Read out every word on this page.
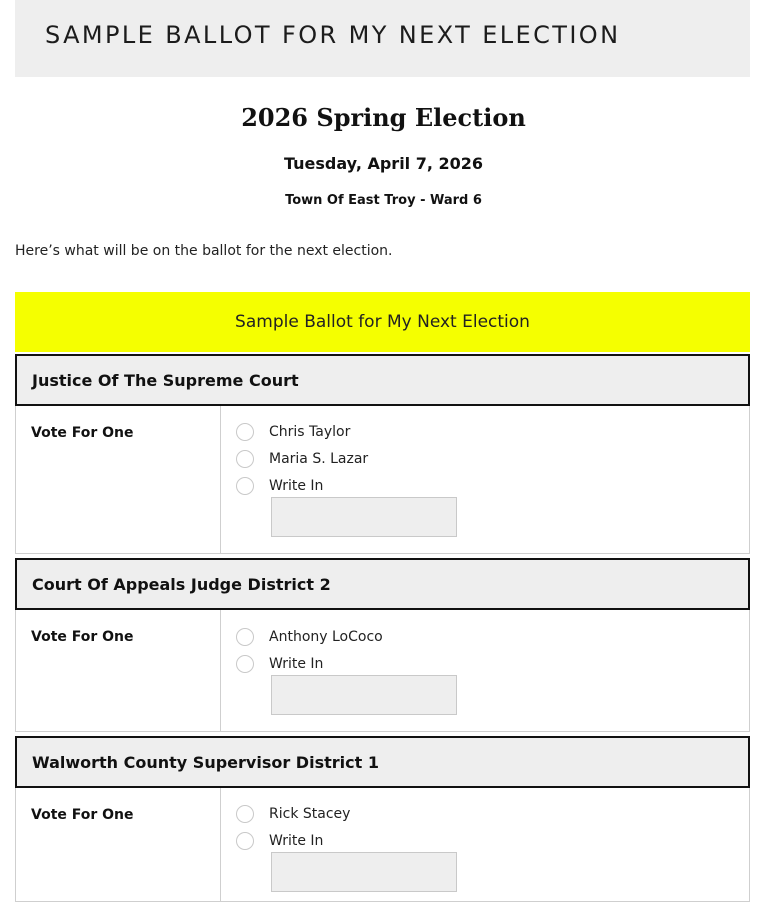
SAMPLE BALLOT FOR MY NEXT ELECTION
2026 Spring Election
Tuesday, April 7, 2026
Town Of East Troy - Ward 6
Here’s what will be on the ballot for the next election.
Sample Ballot for My Next Election
Justice Of The Supreme Court
Vote For One	Chris Taylor
Maria S. Lazar
Write In
Court Of Appeals Judge District 2
Vote For One	Anthony LoCoco
Write In
Walworth County Supervisor District 1
Vote For One	Rick Stacey
Write In
